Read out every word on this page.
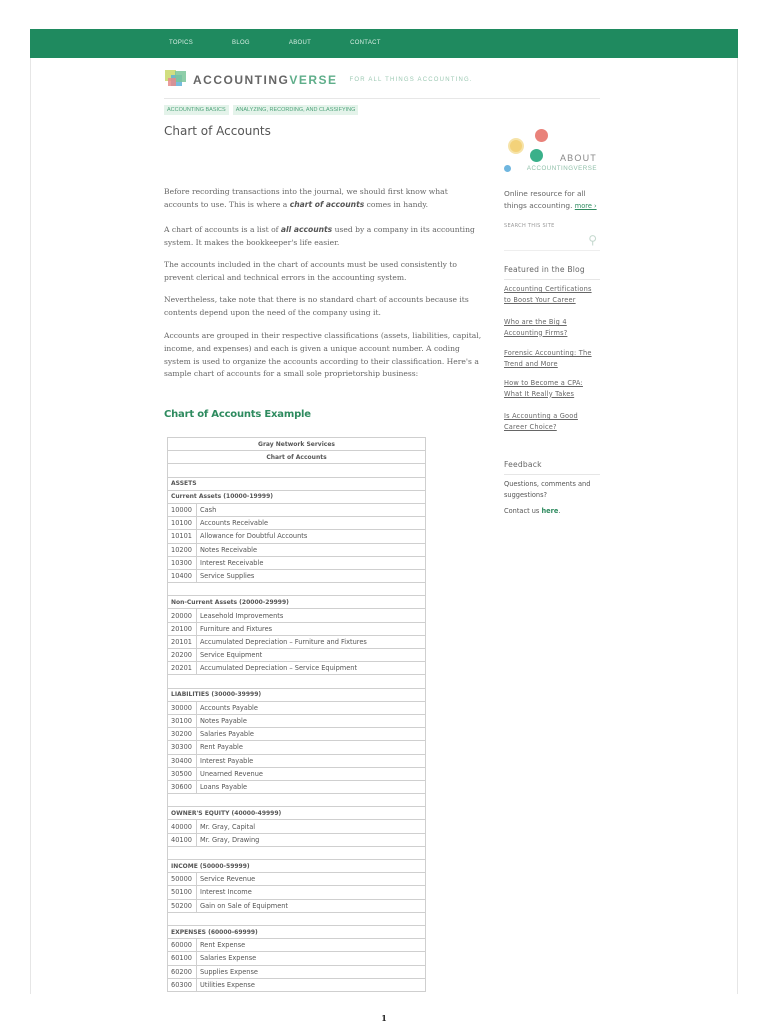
TOPICS	BLOG	ABOUT	CONTACT
ACCOUNTINGVERSE FOR ALL THINGS ACCOUNTING.
ACCOUNTING BASICS	ANALYZING, RECORDING, AND CLASSIFYING
Chart of Accounts

Before recording transactions into the journal, we should first know what accounts to use. This is where a chart of accounts comes in handy.

A chart of accounts is a list of all accounts used by a company in its accounting system. It makes the bookkeeper's life easier.

The accounts included in the chart of accounts must be used consistently to prevent clerical and technical errors in the accounting system.

Nevertheless, take note that there is no standard chart of accounts because its contents depend upon the need of the company using it.

Accounts are grouped in their respective classifications (assets, liabilities, capital, income, and expenses) and each is given a unique account number. A coding system is used to organize the accounts according to their classification. Here's a sample chart of accounts for a small sole proprietorship business:

Chart of Accounts Example
Gray Network Services	
Chart of Accounts	

ASSETS	
Current Assets (10000-19999)	
10000	Cash
10100	Accounts Receivable
10101	Allowance for Doubtful Accounts
10200	Notes Receivable
10300	Interest Receivable
10400	Service Supplies

Non-Current Assets (20000-29999)	
20000	Leasehold Improvements
20100	Furniture and Fixtures
20101	Accumulated Depreciation – Furniture and Fixtures
20200	Service Equipment
20201	Accumulated Depreciation – Service Equipment

LIABILITIES (30000-39999)	
30000	Accounts Payable
30100	Notes Payable
30200	Salaries Payable
30300	Rent Payable
30400	Interest Payable
30500	Unearned Revenue
30600	Loans Payable

OWNER'S EQUITY (40000-49999)	
40000	Mr. Gray, Capital
40100	Mr. Gray, Drawing

INCOME (50000-59999)	
50000	Service Revenue
50100	Interest Income
50200	Gain on Sale of Equipment

EXPENSES (60000-69999)	
60000	Rent Expense
60100	Salaries Expense
60200	Supplies Expense
60300	Utilities Expense
ABOUT
ACCOUNTINGVERSE
Online resource for all things accounting. more ›
SEARCH THIS SITE
⚲
Featured in the Blog
Accounting Certifications to Boost Your Career
Who are the Big 4 Accounting Firms?
Forensic Accounting: The Trend and More
How to Become a CPA: What It Really Takes
Is Accounting a Good Career Choice?
Feedback
Questions, comments and suggestions?
Contact us here.
1
